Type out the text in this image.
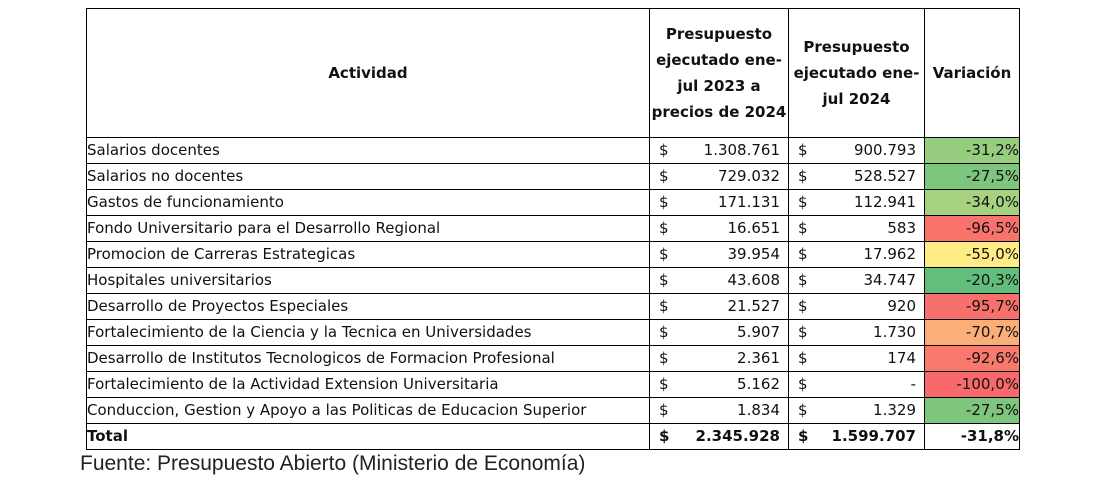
Actividad	Presupuesto ejecutado ene-jul 2023 a precios de 2024	Presupuesto ejecutado ene-jul 2024	Variación
Salarios docentes	$ 1.308.761	$ 900.793	-31,2%
Salarios no docentes	$ 729.032	$ 528.527	-27,5%
Gastos de funcionamiento	$ 171.131	$ 112.941	-34,0%
Fondo Universitario para el Desarrollo Regional	$ 16.651	$ 583	-96,5%
Promocion de Carreras Estrategicas	$ 39.954	$ 17.962	-55,0%
Hospitales universitarios	$ 43.608	$ 34.747	-20,3%
Desarrollo de Proyectos Especiales	$ 21.527	$ 920	-95,7%
Fortalecimiento de la Ciencia y la Tecnica en Universidades	$ 5.907	$ 1.730	-70,7%
Desarrollo de Institutos Tecnologicos de Formacion Profesional	$ 2.361	$ 174	-92,6%
Fortalecimiento de la Actividad Extension Universitaria	$ 5.162	$ -	-100,0%
Conduccion, Gestion y Apoyo a las Politicas de Educacion Superior	$ 1.834	$ 1.329	-27,5%
Total	$ 2.345.928	$ 1.599.707	-31,8%
Fuente: Presupuesto Abierto (Ministerio de Economía)
